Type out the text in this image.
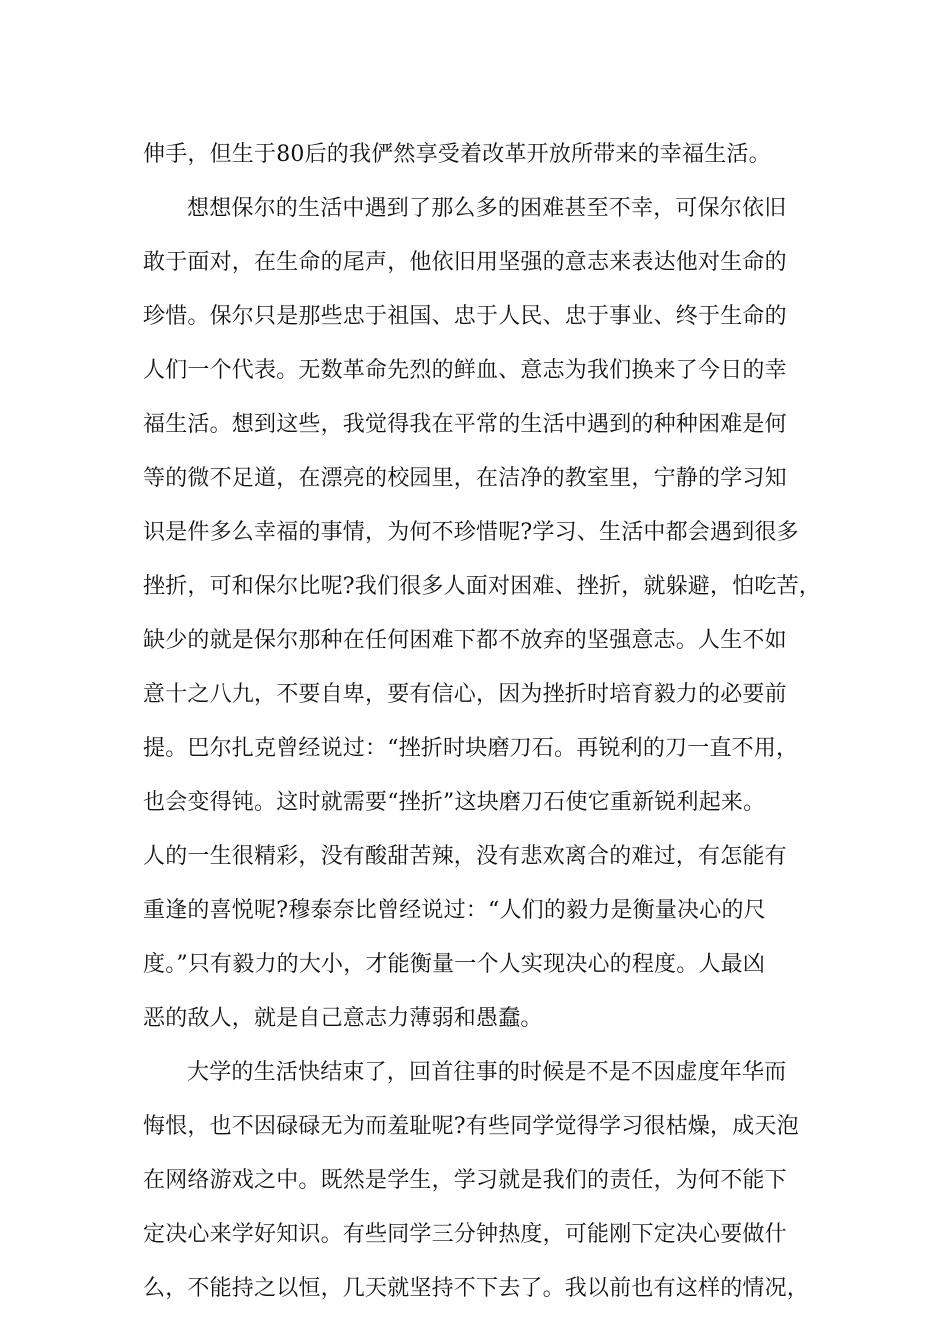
伸手，但生于80后的我俨然享受着改革开放所带来的幸福生活。
想想保尔的生活中遇到了那么多的困难甚至不幸，可保尔依旧
敢于面对，在生命的尾声，他依旧用坚强的意志来表达他对生命的
珍惜。保尔只是那些忠于祖国、忠于人民、忠于事业、终于生命的
人们一个代表。无数革命先烈的鲜血、意志为我们换来了今日的幸
福生活。想到这些，我觉得我在平常的生活中遇到的种种困难是何
等的微不足道，在漂亮的校园里，在洁净的教室里，宁静的学习知
识是件多么幸福的事情，为何不珍惜呢?学习、生活中都会遇到很多
挫折，可和保尔比呢?我们很多人面对困难、挫折，就躲避，怕吃苦，
缺少的就是保尔那种在任何困难下都不放弃的坚强意志。人生不如
意十之八九，不要自卑，要有信心，因为挫折时培育毅力的必要前
提。巴尔扎克曾经说过：“挫折时块磨刀石。再锐利的刀一直不用，
也会变得钝。这时就需要“挫折”这块磨刀石使它重新锐利起来。
人的一生很精彩，没有酸甜苦辣，没有悲欢离合的难过，有怎能有
重逢的喜悦呢?穆泰奈比曾经说过：“人们的毅力是衡量决心的尺
度。”只有毅力的大小，才能衡量一个人实现决心的程度。人最凶
恶的敌人，就是自己意志力薄弱和愚蠢。
大学的生活快结束了，回首往事的时候是不是不因虚度年华而
悔恨，也不因碌碌无为而羞耻呢?有些同学觉得学习很枯燥，成天泡
在网络游戏之中。既然是学生，学习就是我们的责任，为何不能下
定决心来学好知识。有些同学三分钟热度，可能刚下定决心要做什
么，不能持之以恒，几天就坚持不下去了。我以前也有这样的情况，
